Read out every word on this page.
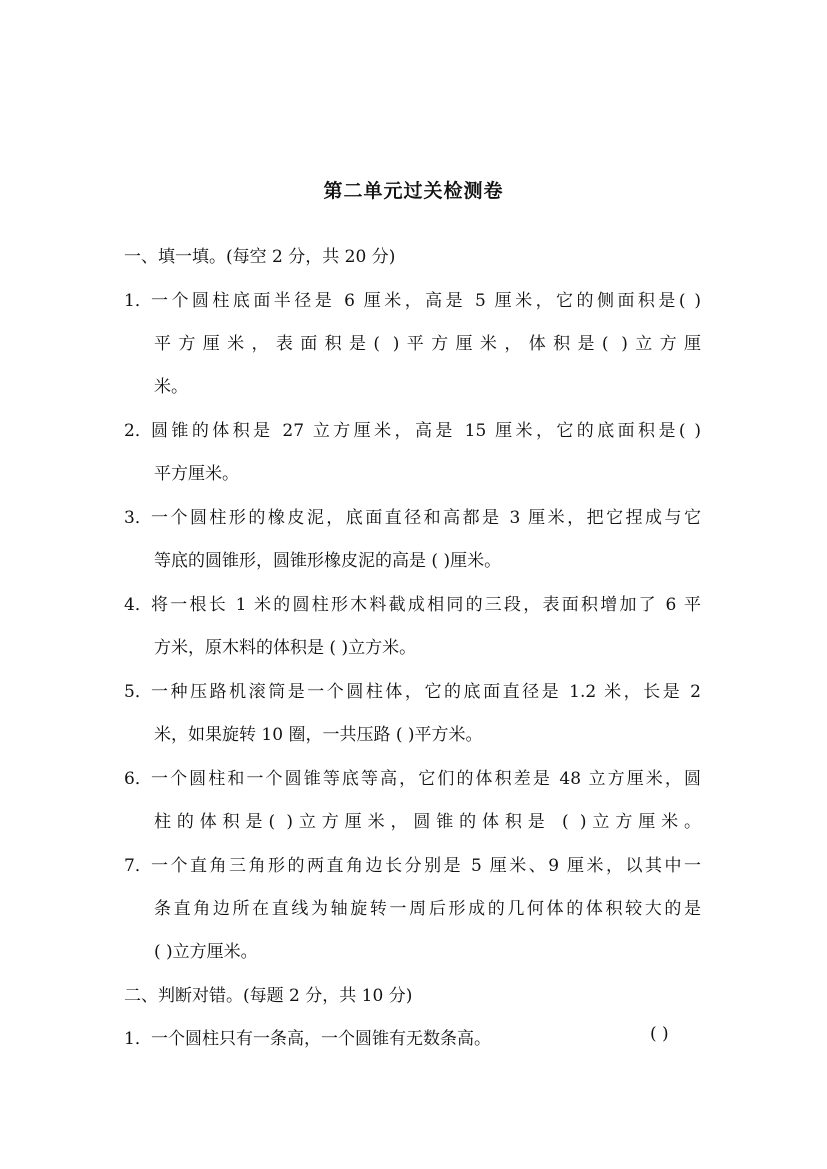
第二单元过关检测卷
一、填一填。(每空 2 分，共 20 分)
1． 一个圆柱底面半径是 6 厘米，高是 5 厘米，它的侧面积是( )
平方厘米，表面积是( )平方厘米，体积是( )立方厘
米。
2． 圆锥的体积是 27 立方厘米，高是 15 厘米，它的底面积是( )
平方厘米。
3． 一个圆柱形的橡皮泥，底面直径和高都是 3 厘米，把它捏成与它
等底的圆锥形，圆锥形橡皮泥的高是 ( )厘米。
4． 将一根长 1 米的圆柱形木料截成相同的三段，表面积增加了 6 平
方米，原木料的体积是 ( )立方米。
5． 一种压路机滚筒是一个圆柱体，它的底面直径是 1.2 米，长是 2
米，如果旋转 10 圈，一共压路 ( )平方米。
6． 一个圆柱和一个圆锥等底等高，它们的体积差是 48 立方厘米，圆
柱的体积是( )立方厘米，圆锥的体积是 ( )立方厘米。
7． 一个直角三角形的两直角边长分别是 5 厘米、9 厘米，以其中一
条直角边所在直线为轴旋转一周后形成的几何体的体积较大的是
( )立方厘米。
二、判断对错。(每题 2 分，共 10 分)
1． 一个圆柱只有一条高，一个圆锥有无数条高。	( )
